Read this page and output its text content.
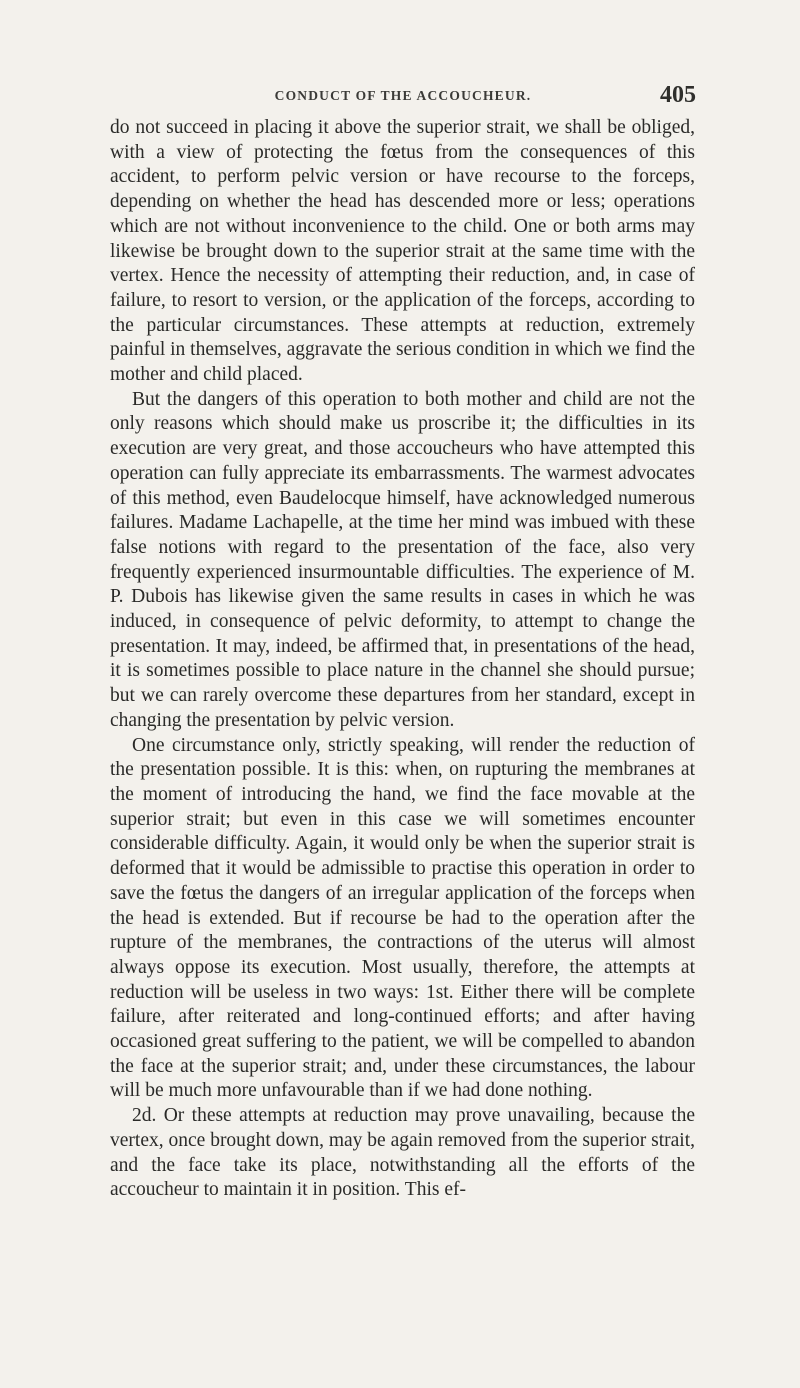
CONDUCT OF THE ACCOUCHEUR.	405

do not succeed in placing it above the superior strait, we shall be obliged, with a view of protecting the fœtus from the consequences of this accident, to perform pelvic version or have recourse to the forceps, depending on whether the head has descended more or less; operations which are not without inconvenience to the child. One or both arms may likewise be brought down to the superior strait at the same time with the vertex. Hence the necessity of attempting their reduction, and, in case of failure, to resort to version, or the application of the forceps, according to the particular circumstances. These attempts at reduction, extremely painful in themselves, aggravate the serious condition in which we find the mother and child placed.

But the dangers of this operation to both mother and child are not the only reasons which should make us proscribe it; the difficulties in its execution are very great, and those accoucheurs who have attempted this operation can fully appreciate its embarrassments. The warmest advocates of this method, even Baudelocque himself, have acknowledged numerous failures. Madame Lachapelle, at the time her mind was imbued with these false notions with regard to the presentation of the face, also very frequently experienced insurmountable difficulties. The experience of M. P. Dubois has likewise given the same results in cases in which he was induced, in consequence of pelvic deformity, to attempt to change the presentation. It may, indeed, be affirmed that, in presentations of the head, it is sometimes possible to place nature in the channel she should pursue; but we can rarely overcome these departures from her standard, except in changing the presentation by pelvic version.

One circumstance only, strictly speaking, will render the reduction of the presentation possible. It is this: when, on rupturing the membranes at the moment of introducing the hand, we find the face movable at the superior strait; but even in this case we will sometimes encounter considerable difficulty. Again, it would only be when the superior strait is deformed that it would be admissible to practise this operation in order to save the fœtus the dangers of an irregular application of the forceps when the head is extended. But if recourse be had to the operation after the rupture of the membranes, the contractions of the uterus will almost always oppose its execution. Most usually, therefore, the attempts at reduction will be useless in two ways: 1st. Either there will be complete failure, after reiterated and long-continued efforts; and after having occasioned great suffering to the patient, we will be compelled to abandon the face at the superior strait; and, under these circumstances, the labour will be much more unfavourable than if we had done nothing.

2d. Or these attempts at reduction may prove unavailing, because the vertex, once brought down, may be again removed from the superior strait, and the face take its place, notwithstanding all the efforts of the accoucheur to maintain it in position. This ef-
